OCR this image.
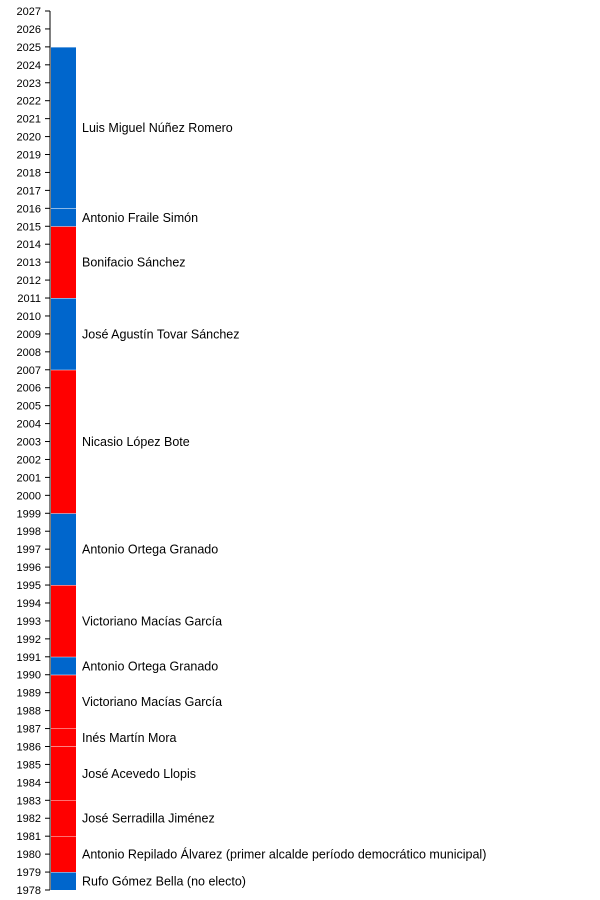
1978
1979
1980
1981
1982
1983
1984
1985
1986
1987
1988
1989
1990
1991
1992
1993
1994
1995
1996
1997
1998
1999
2000
2001
2002
2003
2004
2005
2006
2007
2008
2009
2010
2011
2012
2013
2014
2015
2016
2017
2018
2019
2020
2021
2022
2023
2024
2025
2026
2027
Rufo Gómez Bella (no electo)
Antonio Repilado Álvarez (primer alcalde período democrático municipal)
José Serradilla Jiménez
José Acevedo Llopis
Inés Martín Mora
Victoriano Macías García
Antonio Ortega Granado
Victoriano Macías García
Antonio Ortega Granado
Nicasio López Bote
José Agustín Tovar Sánchez
Bonifacio Sánchez
Antonio Fraile Simón
Luis Miguel Núñez Romero
